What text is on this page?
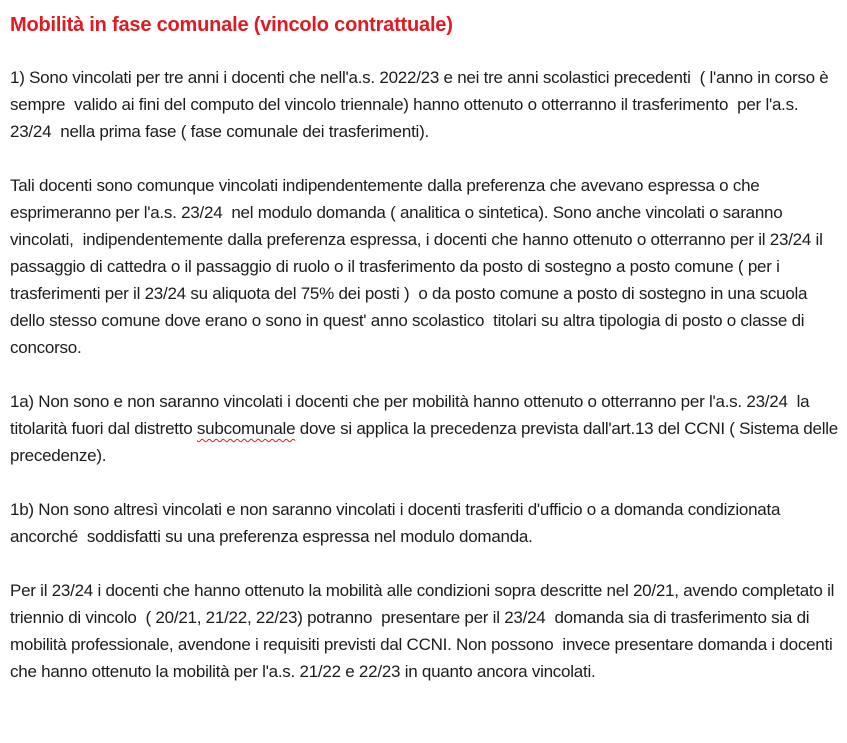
Mobilità in fase comunale (vincolo contrattuale)

1) Sono vincolati per tre anni i docenti che nell'a.s. 2022/23 e nei tre anni scolastici precedenti  ( l'anno in corso è sempre  valido ai fini del computo del vincolo triennale) hanno ottenuto o otterranno il trasferimento  per l'a.s. 23/24  nella prima fase ( fase comunale dei trasferimenti).

Tali docenti sono comunque vincolati indipendentemente dalla preferenza che avevano espressa o che esprimeranno per l'a.s. 23/24  nel modulo domanda ( analitica o sintetica). Sono anche vincolati o saranno vincolati,  indipendentemente dalla preferenza espressa, i docenti che hanno ottenuto o otterranno per il 23/24 il passaggio di cattedra o il passaggio di ruolo o il trasferimento da posto di sostegno a posto comune ( per i trasferimenti per il 23/24 su aliquota del 75% dei posti )  o da posto comune a posto di sostegno in una scuola dello stesso comune dove erano o sono in quest' anno scolastico  titolari su altra tipologia di posto o classe di concorso.

1a) Non sono e non saranno vincolati i docenti che per mobilità hanno ottenuto o otterranno per l'a.s. 23/24  la titolarità fuori dal distretto subcomunale dove si applica la precedenza prevista dall'art.13 del CCNI ( Sistema delle precedenze).

1b) Non sono altresì vincolati e non saranno vincolati i docenti trasferiti d'ufficio o a domanda condizionata ancorché  soddisfatti su una preferenza espressa nel modulo domanda.

Per il 23/24 i docenti che hanno ottenuto la mobilità alle condizioni sopra descritte nel 20/21, avendo completato il triennio di vincolo  ( 20/21, 21/22, 22/23) potranno  presentare per il 23/24  domanda sia di trasferimento sia di mobilità professionale, avendone i requisiti previsti dal CCNI. Non possono  invece presentare domanda i docenti che hanno ottenuto la mobilità per l'a.s. 21/22 e 22/23 in quanto ancora vincolati.
